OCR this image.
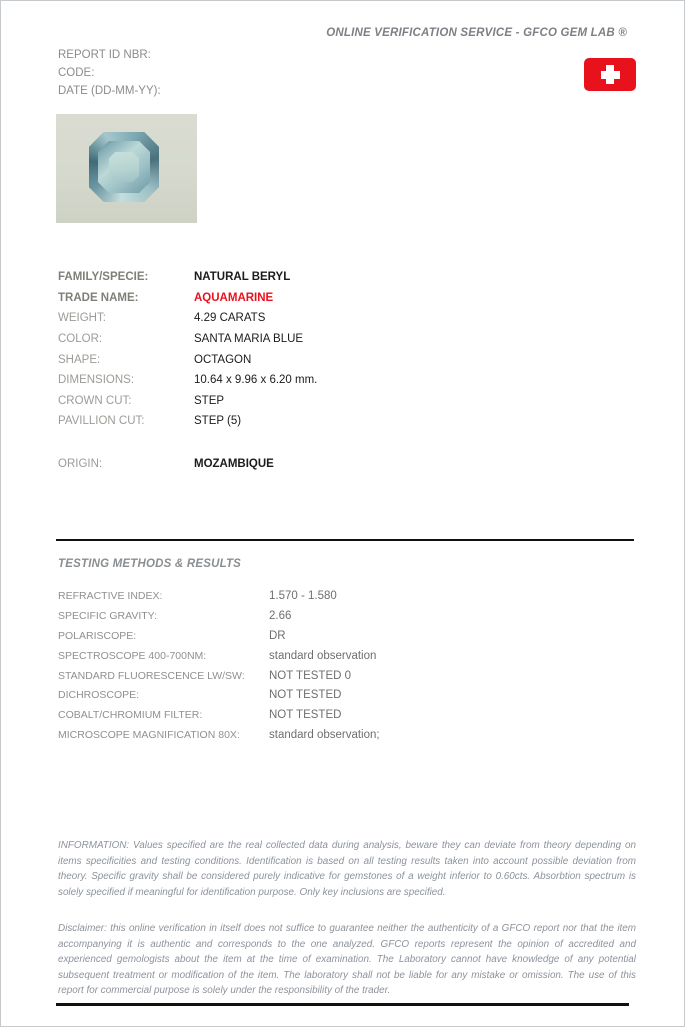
ONLINE VERIFICATION SERVICE - GFCO GEM LAB ®
REPORT ID NBR:
CODE:
DATE (DD-MM-YY):
FAMILY/SPECIE:	NATURAL BERYL
TRADE NAME:	AQUAMARINE
WEIGHT:	4.29 CARATS
COLOR:	SANTA MARIA BLUE
SHAPE:	OCTAGON
DIMENSIONS:	10.64 x 9.96 x 6.20 mm.
CROWN CUT:	STEP
PAVILLION CUT:	STEP (5)
ORIGIN:	MOZAMBIQUE
TESTING METHODS & RESULTS
REFRACTIVE INDEX:	1.570 - 1.580
SPECIFIC GRAVITY:	2.66
POLARISCOPE:	DR
SPECTROSCOPE 400-700NM:	standard observation
STANDARD FLUORESCENCE LW/SW:	NOT TESTED 0
DICHROSCOPE:	NOT TESTED
COBALT/CHROMIUM FILTER:	NOT TESTED
MICROSCOPE MAGNIFICATION 80X:	standard observation;
INFORMATION: Values specified are the real collected data during analysis, beware they can deviate from theory depending on items specificities and testing conditions. Identification is based on all testing results taken into account possible deviation from theory. Specific gravity shall be considered purely indicative for gemstones of a weight inferior to 0.60cts. Absorbtion spectrum is solely specified if meaningful for identification purpose. Only key inclusions are specified.
Disclaimer: this online verification in itself does not suffice to guarantee neither the authenticity of a GFCO report nor that the item accompanying it is authentic and corresponds to the one analyzed. GFCO reports represent the opinion of accredited and experienced gemologists about the item at the time of examination. The Laboratory cannot have knowledge of any potential subsequent treatment or modification of the item. The laboratory shall not be liable for any mistake or omission. The use of this report for commercial purpose is solely under the responsibility of the trader.
